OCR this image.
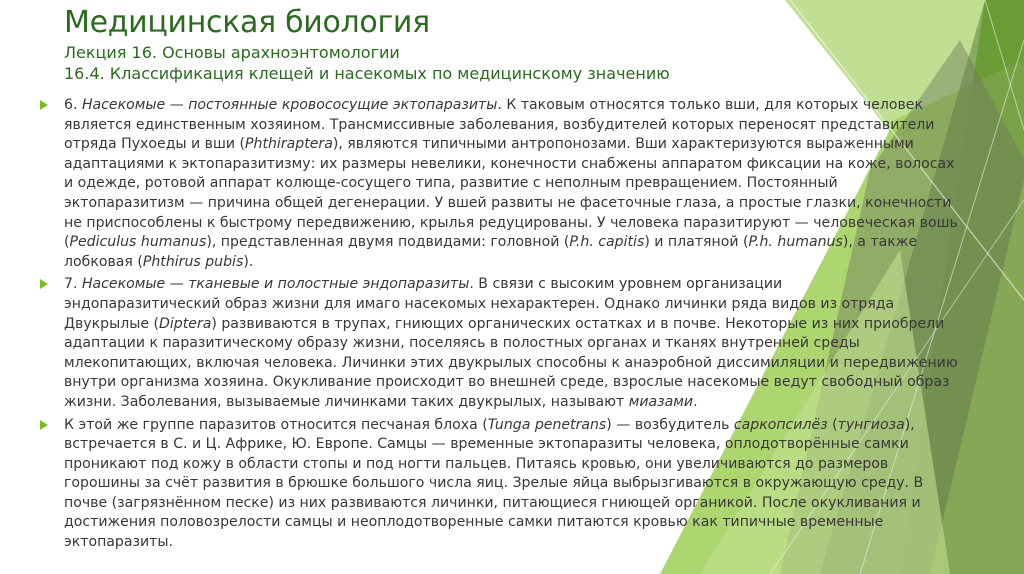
Медицинская биология
Лекция 16. Основы арахноэнтомологии
16.4. Классификация клещей и насекомых по медицинскому значению
6. Насекомые — постоянные кровососущие эктопаразиты. К таковым относятся только вши, для которых человек
является единственным хозяином. Трансмиссивные заболевания, возбудителей которых переносят представители
отряда Пухоеды и вши (Phthiraptera), являются типичными антропонозами. Вши характеризуются выраженными
адаптациями к эктопаразитизму: их размеры невелики, конечности снабжены аппаратом фиксации на коже, волосах
и одежде, ротовой аппарат колюще-сосущего типа, развитие с неполным превращением. Постоянный
эктопаразитизм — причина общей дегенерации. У вшей развиты не фасеточные глаза, а простые глазки, конечности
не приспособлены к быстрому передвижению, крылья редуцированы. У человека паразитируют — человеческая вошь
(Pediculus humanus), представленная двумя подвидами: головной (P.h. capitis) и платяной (P.h. humanus), а также
лобковая (Phthirus pubis).
7. Насекомые — тканевые и полостные эндопаразиты. В связи с высоким уровнем организации
эндопаразитический образ жизни для имаго насекомых нехарактерен. Однако личинки ряда видов из отряда
Двукрылые (Diptera) развиваются в трупах, гниющих органических остатках и в почве. Некоторые из них приобрели
адаптации к паразитическому образу жизни, поселяясь в полостных органах и тканях внутренней среды
млекопитающих, включая человека. Личинки этих двукрылых способны к анаэробной диссимиляции и передвижению
внутри организма хозяина. Окукливание происходит во внешней среде, взрослые насекомые ведут свободный образ
жизни. Заболевания, вызываемые личинками таких двукрылых, называют миазами.
К этой же группе паразитов относится песчаная блоха (Tunga penetrans) — возбудитель саркопсилёз (тунгиоза),
встречается в С. и Ц. Африке, Ю. Европе. Самцы — временные эктопаразиты человека, оплодотворённые самки
проникают под кожу в области стопы и под ногти пальцев. Питаясь кровью, они увеличиваются до размеров
горошины за счёт развития в брюшке большого числа яиц. Зрелые яйца выбрызгиваются в окружающую среду. В
почве (загрязнённом песке) из них развиваются личинки, питающиеся гниющей органикой. После окукливания и
достижения половозрелости самцы и неоплодотворенные самки питаются кровью как типичные временные
эктопаразиты.
